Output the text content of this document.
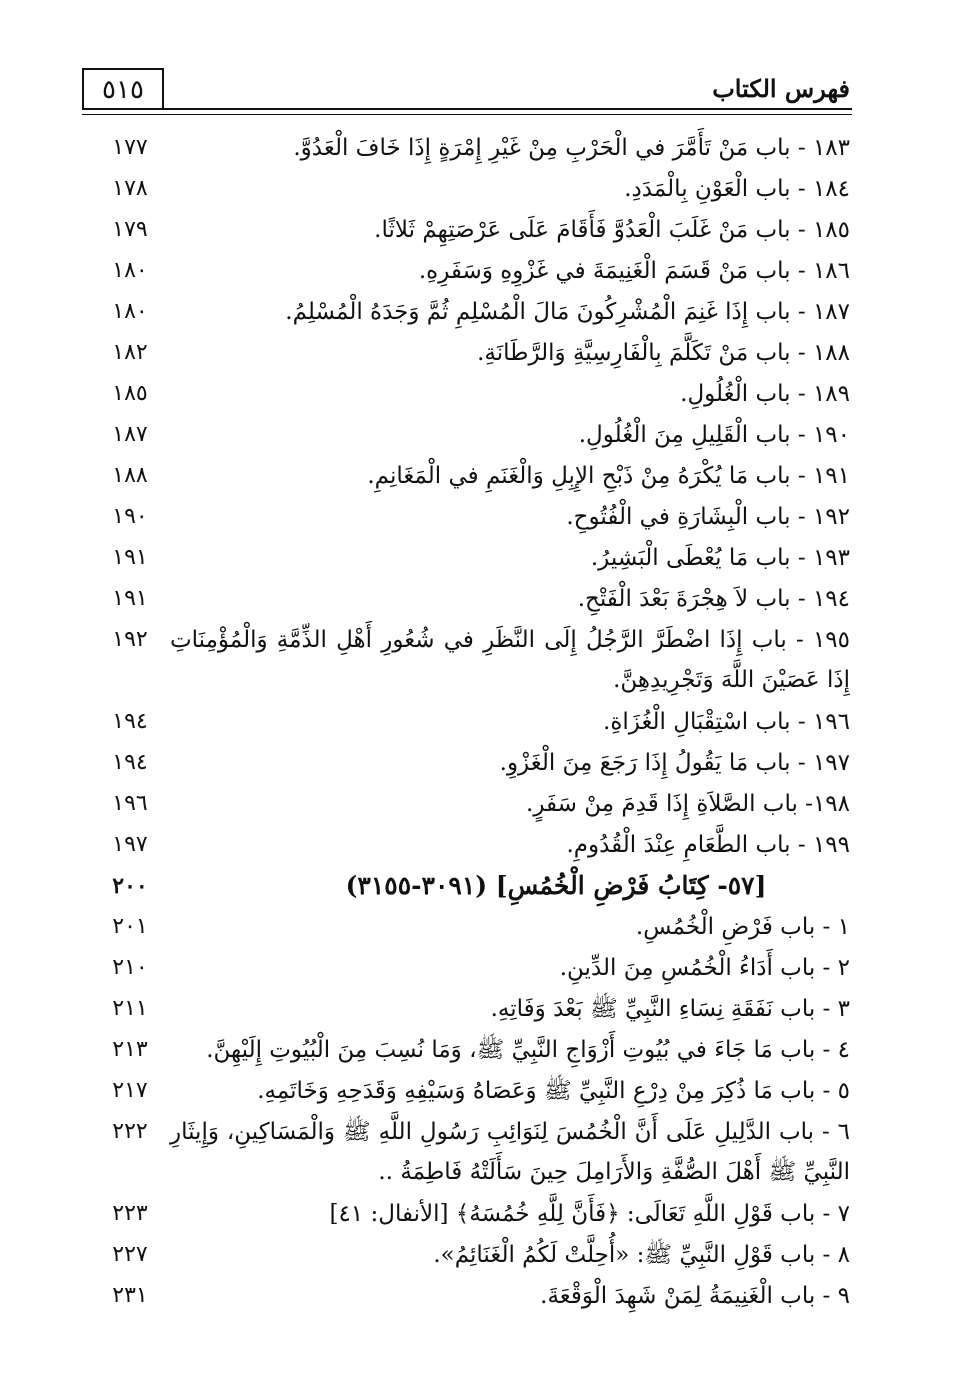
٥١٥	فهرس الكتاب
١٨٣ - باب مَنْ تَأَمَّرَ في الْحَرْبِ مِنْ غَيْرِ إِمْرَةٍ إِذَا خَافَ الْعَدُوَّ.
١٧٧
١٨٤ - باب الْعَوْنِ بِالْمَدَدِ.
١٧٨
١٨٥ - باب مَنْ غَلَبَ الْعَدُوَّ فَأَقَامَ عَلَى عَرْصَتِهِمْ ثَلاثًا.
١٧٩
١٨٦ - باب مَنْ قَسَمَ الْغَنِيمَةَ في غَزْوِهِ وَسَفَرِهِ.
١٨٠
١٨٧ - باب إِذَا غَنِمَ الْمُشْرِكُونَ مَالَ الْمُسْلِمِ ثُمَّ وَجَدَهُ الْمُسْلِمُ.
١٨٠
١٨٨ - باب مَنْ تَكَلَّمَ بِالْفَارِسِيَّةِ وَالرَّطَانَةِ.
١٨٢
١٨٩ - باب الْغُلُولِ.
١٨٥
١٩٠ - باب الْقَلِيلِ مِنَ الْغُلُولِ.
١٨٧
١٩١ - باب مَا يُكْرَهُ مِنْ ذَبْحِ الإِبِلِ وَالْغَنَمِ في الْمَغَانِمِ.
١٨٨
١٩٢ - باب الْبِشَارَةِ في الْفُتُوحِ.
١٩٠
١٩٣ - باب مَا يُعْطَى الْبَشِيرُ.
١٩١
١٩٤ - باب لاَ هِجْرَةَ بَعْدَ الْفَتْحِ.
١٩١
١٩٥ - باب إِذَا اضْطَرَّ الرَّجُلُ إِلَى النَّظَرِ في شُعُورِ أَهْلِ الذِّمَّةِ وَالْمُؤْمِنَاتِ إِذَا عَصَيْنَ اللَّهَ وَتَجْرِيدِهِنَّ.
١٩٢
١٩٦ - باب اسْتِقْبَالِ الْغُزَاةِ.
١٩٤
١٩٧ - باب مَا يَقُولُ إِذَا رَجَعَ مِنَ الْغَزْوِ.
١٩٤
١٩٨- باب الصَّلاَةِ إِذَا قَدِمَ مِنْ سَفَرٍ.
١٩٦
١٩٩ - باب الطَّعَامِ عِنْدَ الْقُدُومِ.
١٩٧
[٥٧- كِتَابُ فَرْضِ الْخُمُسِ] (٣٠٩١-٣١٥٥)
٢٠٠
١ - باب فَرْضِ الْخُمُسِ.
٢٠١
٢ - باب أَدَاءُ الْخُمُسِ مِنَ الدِّينِ.
٢١٠
٣ - باب نَفَقَةِ نِسَاءِ النَّبِيِّ ﷺ بَعْدَ وَفَاتِهِ.
٢١١
٤ - باب مَا جَاءَ في بُيُوتِ أَزْوَاجِ النَّبِيِّ ﷺ، وَمَا نُسِبَ مِنَ الْبُيُوتِ إِلَيْهِنَّ.
٢١٣
٥ - باب مَا ذُكِرَ مِنْ دِرْعِ النَّبِيِّ ﷺ وَعَصَاهُ وَسَيْفِهِ وَقَدَحِهِ وَخَاتَمِهِ.
٢١٧
٦ - باب الدَّلِيلِ عَلَى أَنَّ الْخُمُسَ لِنَوَائِبِ رَسُولِ اللَّهِ ﷺ وَالْمَسَاكِينِ، وَإِيثَارِ النَّبِيِّ ﷺ أَهْلَ الصُّفَّةِ وَالأَرَامِلَ حِينَ سَأَلَتْهُ فَاطِمَةُ ..
٢٢٢
٧ - باب قَوْلِ اللَّهِ تَعَالَى: ﴿فَأَنَّ لِلَّهِ خُمُسَهُ﴾ [الأنفال: ٤١]
٢٢٣
٨ - باب قَوْلِ النَّبِيِّ ﷺ: «أُحِلَّتْ لَكُمُ الْغَنَائِمُ».
٢٢٧
٩ - باب الْغَنِيمَةُ لِمَنْ شَهِدَ الْوَقْعَةَ.
٢٣١
